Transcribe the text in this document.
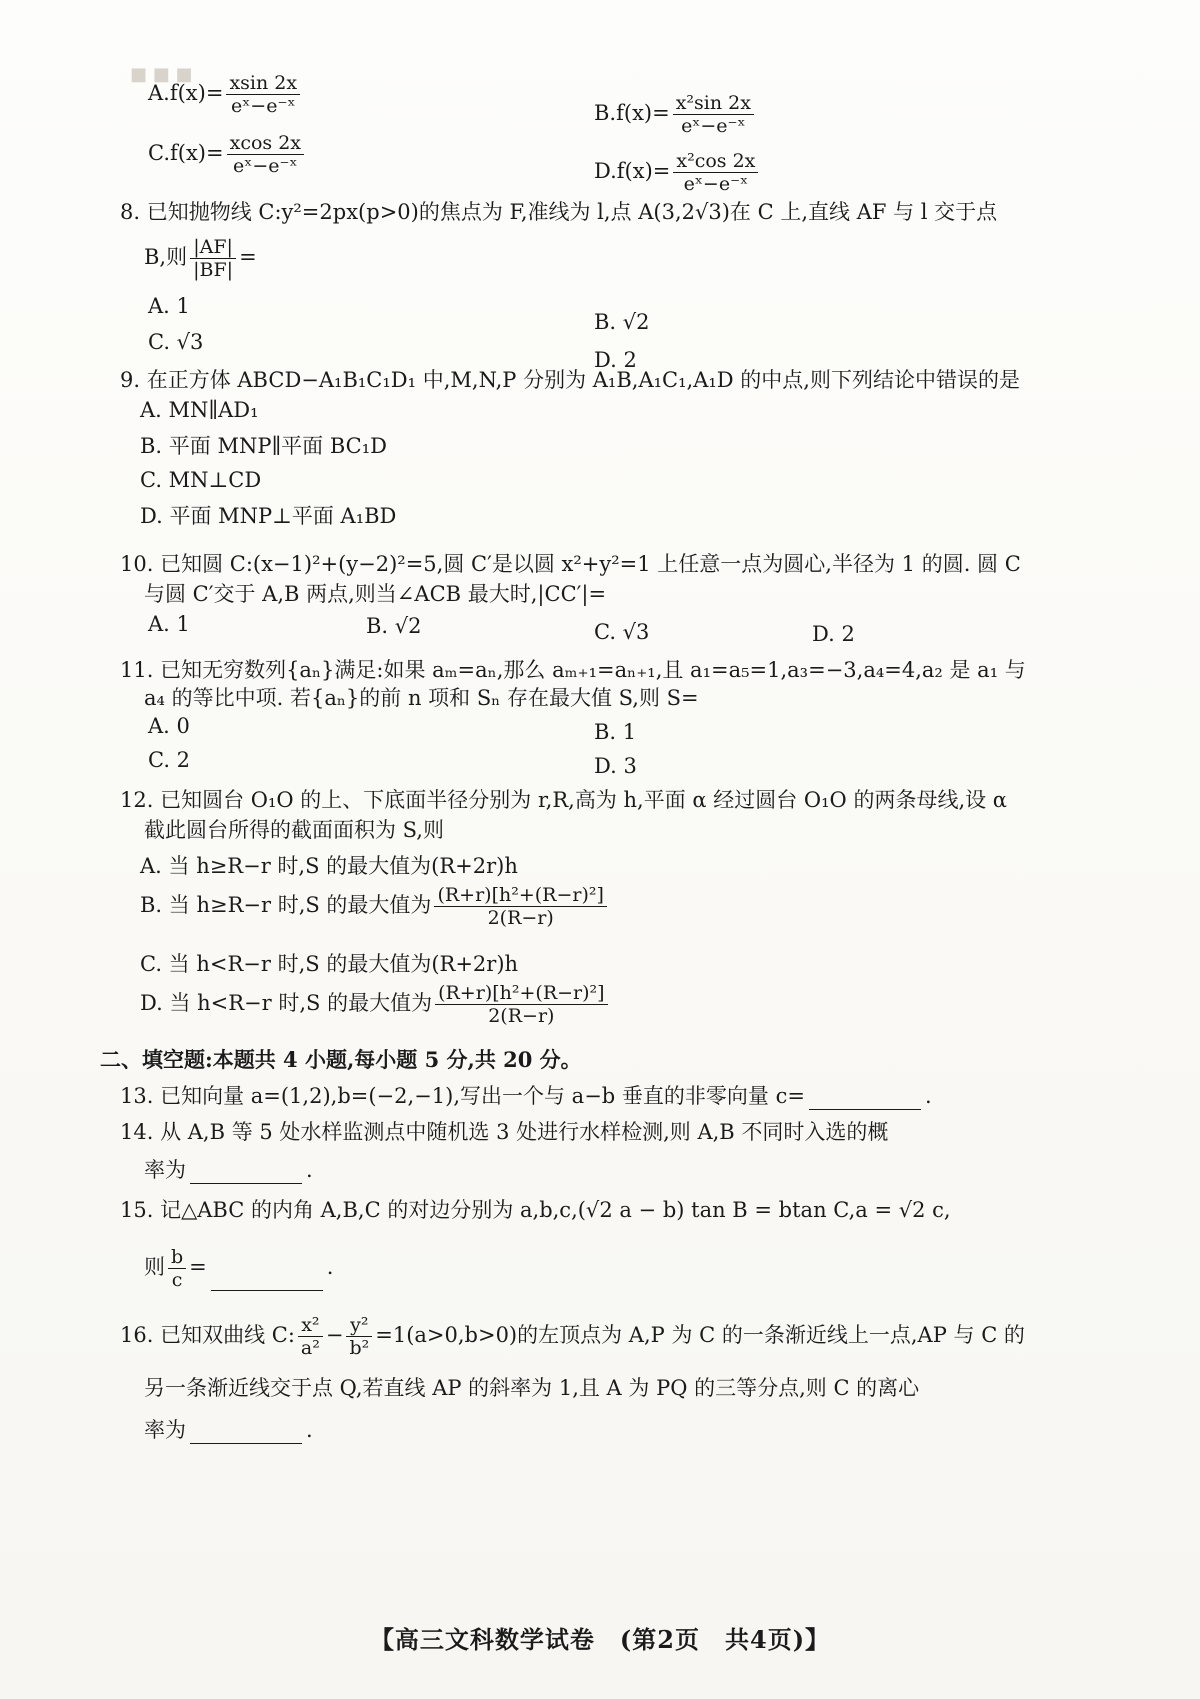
■ ■ ■
$A.f(x)= \frac{xsin 2x}{\text{eˣ−e⁻ˣ}}$	$B.f(x)= \frac{\text{x²sin 2x}}{\text{eˣ−e⁻ˣ}}$
$C.f(x)= \frac{xcos 2x}{\text{eˣ−e⁻ˣ}}$	$D.f(x)= \frac{\text{x²cos 2x}}{\text{eˣ−e⁻ˣ}}$
8. 已知抛物线 C:y²=2px(p>0)的焦点为 F,准线为 l,点 A(3,2√3)在 C 上,直线 AF 与 l 交于点
B,则 $\frac{|AF|}{|BF|}$ =
A. 1
B. √2
C. √3
D. 2
9. 在正方体 ABCD−A₁B₁C₁D₁ 中,M,N,P 分别为 A₁B,A₁C₁,A₁D 的中点,则下列结论中错误的是
A. MN∥AD₁
B. 平面 MNP∥平面 BC₁D
C. MN⊥CD
D. 平面 MNP⊥平面 A₁BD
10. 已知圆 C:(x−1)²+(y−2)²=5,圆 C′是以圆 x²+y²=1 上任意一点为圆心,半径为 1 的圆. 圆 C
与圆 C′交于 A,B 两点,则当∠ACB 最大时,|CC′|=
A. 1	B. √2	C. √3	D. 2
11. 已知无穷数列{aₙ}满足:如果 aₘ=aₙ,那么 aₘ₊₁=aₙ₊₁,且 a₁=a₅=1,a₃=−3,a₄=4,a₂ 是 a₁ 与
a₄ 的等比中项. 若{aₙ}的前 n 项和 Sₙ 存在最大值 S,则 S=
A. 0	B. 1
C. 2	D. 3
12. 已知圆台 O₁O 的上、下底面半径分别为 r,R,高为 h,平面 α 经过圆台 O₁O 的两条母线,设 α
截此圆台所得的截面面积为 S,则
A. 当 h≥R−r 时,S 的最大值为(R+2r)h
B. 当 h≥R−r 时,S 的最大值为 $\frac{\text{(R+r)[h²+(R−r)²]}}{2(R-r)}$
C. 当 h<R−r 时,S 的最大值为(R+2r)h
D. 当 h<R−r 时,S 的最大值为 $\frac{\text{(R+r)[h²+(R−r)²]}}{2(R-r)}$
二、填空题:本题共 4 小题,每小题 5 分,共 20 分。
13. 已知向量 a=(1,2),b=(−2,−1),写出一个与 a−b 垂直的非零向量 c=	.
14. 从 A,B 等 5 处水样监测点中随机选 3 处进行水样检测,则 A,B 不同时入选的概
率为	.
15. 记△ABC 的内角 A,B,C 的对边分别为 a,b,c,(√2 a − b) tan B = btan C,a = √2 c,
则 $\frac{b}{c}$ =	.
16. 已知双曲线 C: $\frac{\text{x²}}{\text{a²}} - \frac{\text{y²}}{\text{b²}} =1(a>0,b>0)$的左顶点为 A,P 为 C 的一条渐近线上一点,AP 与 C 的
另一条渐近线交于点 Q,若直线 AP 的斜率为 1,且 A 为 PQ 的三等分点,则 C 的离心
率为	.
【高三文科数学试卷　(第2页　共4页)】
